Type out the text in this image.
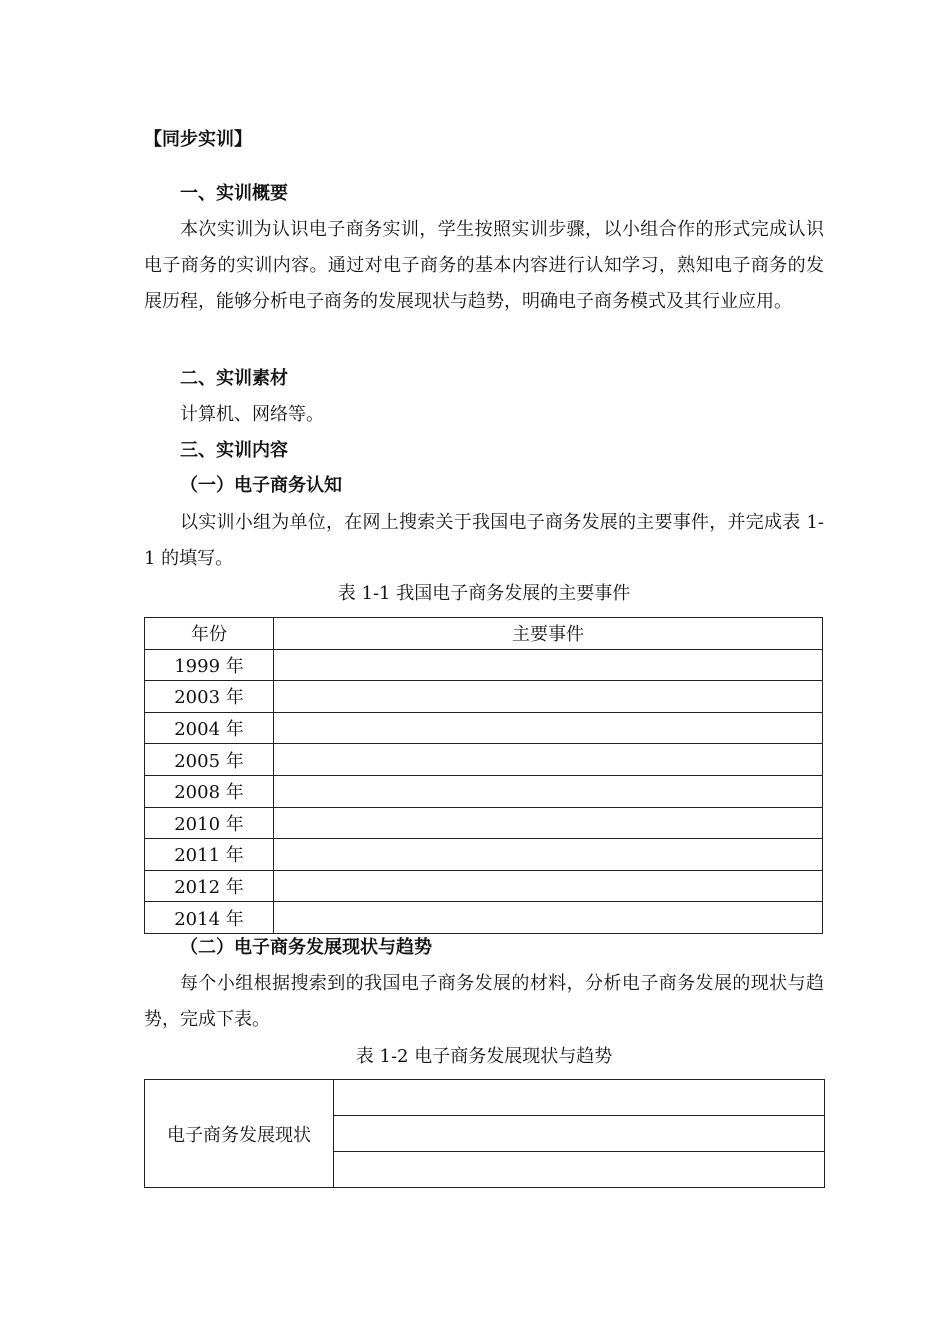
【同步实训】

一、实训概要

本次实训为认识电子商务实训，学生按照实训步骤，以小组合作的形式完成认识电子商务的实训内容。通过对电子商务的基本内容进行认知学习，熟知电子商务的发展历程，能够分析电子商务的发展现状与趋势，明确电子商务模式及其行业应用。

二、实训素材

计算机、网络等。

三、实训内容

（一）电子商务认知

以实训小组为单位，在网上搜索关于我国电子商务发展的主要事件，并完成表 1-1 的填写。

表 1-1 我国电子商务发展的主要事件
年份	主要事件
1999 年	
2003 年	
2004 年	
2005 年	
2008 年	
2010 年	
2011 年	
2012 年	
2014 年	

（二）电子商务发展现状与趋势

每个小组根据搜索到的我国电子商务发展的材料，分析电子商务发展的现状与趋势，完成下表。

表 1-2 电子商务发展现状与趋势
电子商务发展现状	
